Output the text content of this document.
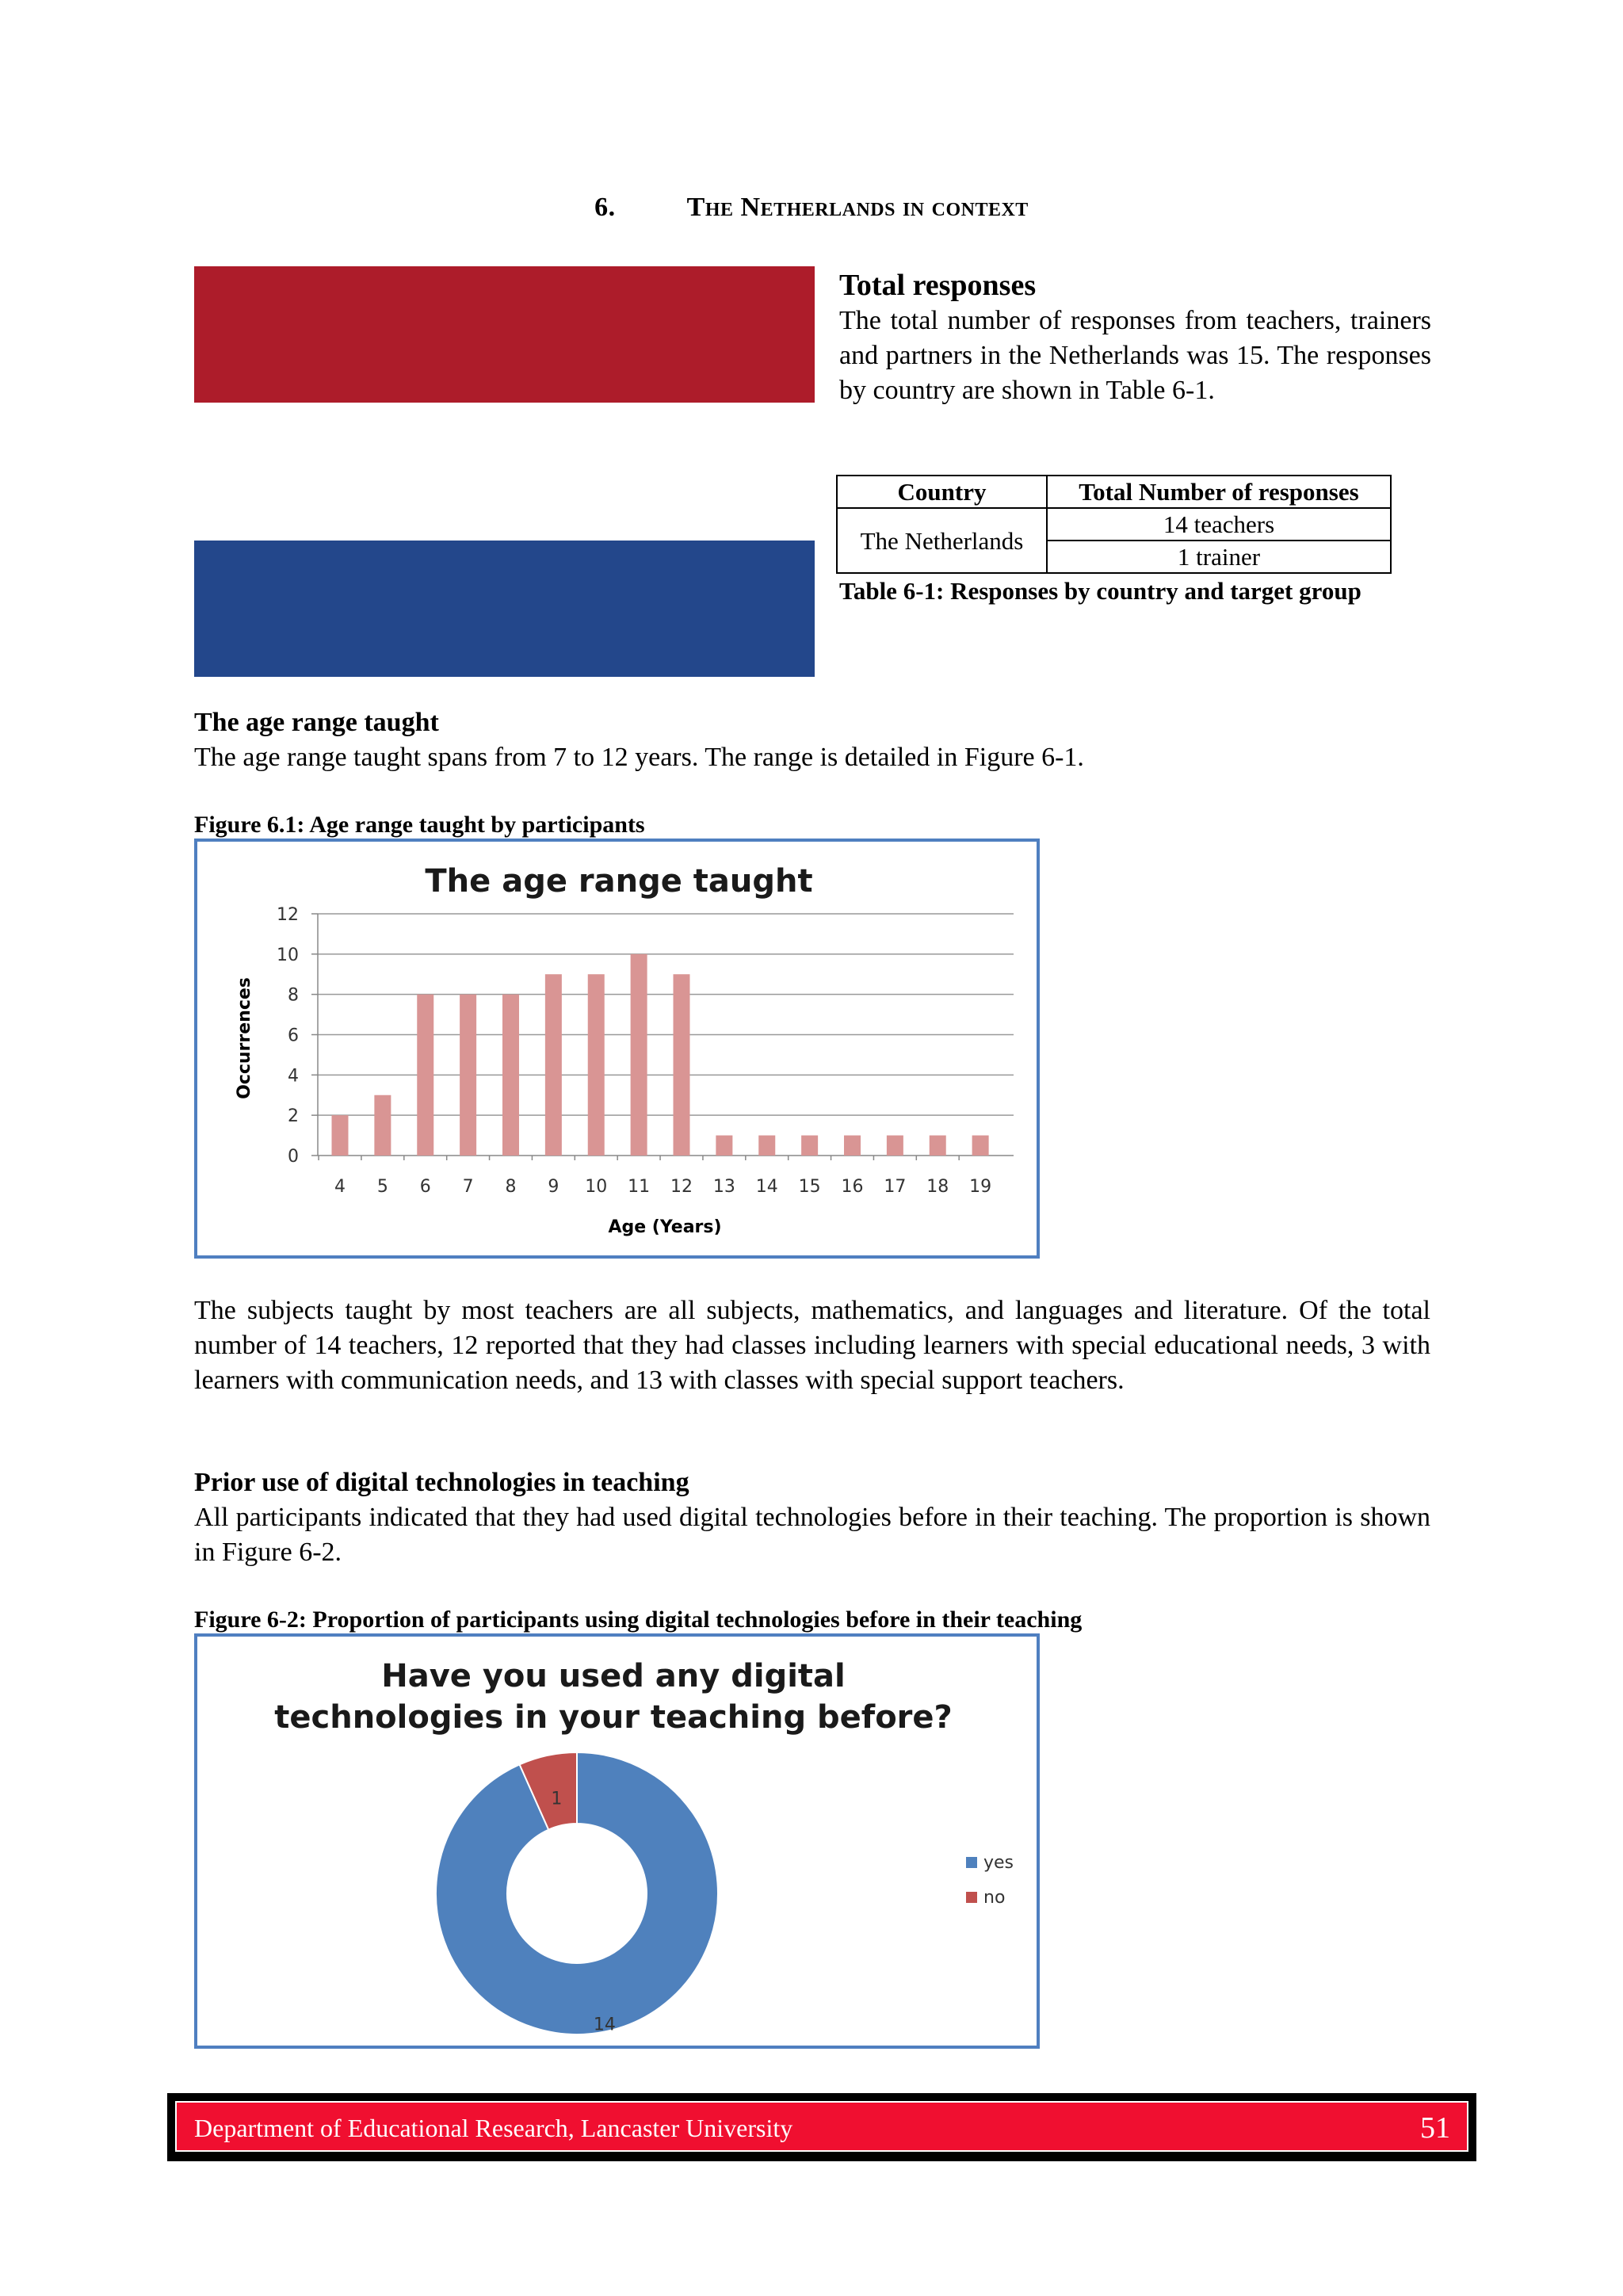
6.	The Netherlands in context
Total responses
The total number of responses from teachers, trainers and partners in the Netherlands was 15. The responses by country are shown in Table 6-1.
Country	Total Number of responses
The Netherlands	14 teachers
	1 trainer
Table 6-1: Responses by country and target group
The age range taught
The age range taught spans from 7 to 12 years. The range is detailed in Figure 6-1.
Figure 6.1: Age range taught by participants
The age range taught
Occurrences
Age (Years)
0
2
4
6
8
10
12
4 5 6 7 8 9 10 11 12 13 14 15 16 17 18 19
The subjects taught by most teachers are all subjects, mathematics, and languages and literature. Of the total number of 14 teachers, 12 reported that they had classes including learners with special educational needs, 3 with learners with communication needs, and 13 with classes with special support teachers.
Prior use of digital technologies in teaching
All participants indicated that they had used digital technologies before in their teaching. The proportion is shown in Figure 6-2.
Figure 6-2: Proportion of participants using digital technologies before in their teaching
Have you used any digital
technologies in your teaching before?
14
1
yes
no
Department of Educational Research, Lancaster University	51
